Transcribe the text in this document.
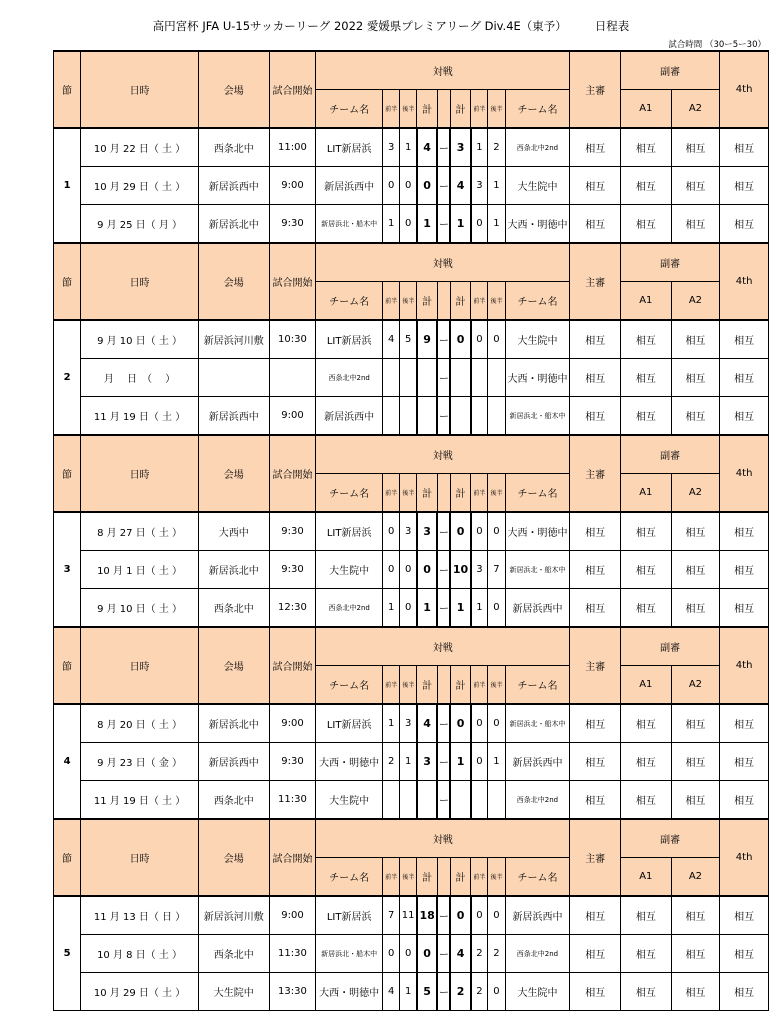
高円宮杯 JFA U-15サッカーリーグ 2022 愛媛県プレミアリーグ Div.4E（東予） 日程表
試合時間 （30ー5ー30）
節	日時	会場	試合開始	対戦									主審	副審		4th
				チーム名	前半	後半	計		計	前半	後半	チーム名		A1	A2	
1	10 月 22 日（ 土 ）	西条北中	11:00	LIT新居浜	3	1	4	ー	3	1	2	西条北中2nd	相互	相互	相互	相互
	10 月 29 日（ 土 ）	新居浜西中	9:00	新居浜西中	0	0	0	ー	4	3	1	大生院中	相互	相互	相互	相互
	9 月 25 日（ 月 ）	新居浜北中	9:30	新居浜北・船木中	1	0	1	ー	1	0	1	大西・明徳中	相互	相互	相互	相互
節	日時	会場	試合開始	対戦									主審	副審		4th
				チーム名	前半	後半	計		計	前半	後半	チーム名		A1	A2	
2	9 月 10 日（ 土 ）	新居浜河川敷	10:30	LIT新居浜	4	5	9	ー	0	0	0	大生院中	相互	相互	相互	相互
	月　 日　（　 ）			西条北中2nd				ー				大西・明徳中	相互	相互	相互	相互
	11 月 19 日（ 土 ）	新居浜西中	9:00	新居浜西中				ー				新居浜北・船木中	相互	相互	相互	相互
節	日時	会場	試合開始	対戦									主審	副審		4th
				チーム名	前半	後半	計		計	前半	後半	チーム名		A1	A2	
3	8 月 27 日（ 土 ）	大西中	9:30	LIT新居浜	0	3	3	ー	0	0	0	大西・明徳中	相互	相互	相互	相互
	10 月 1 日（ 土 ）	新居浜北中	9:30	大生院中	0	0	0	ー	10	3	7	新居浜北・船木中	相互	相互	相互	相互
	9 月 10 日（ 土 ）	西条北中	12:30	西条北中2nd	1	0	1	ー	1	1	0	新居浜西中	相互	相互	相互	相互
節	日時	会場	試合開始	対戦									主審	副審		4th
				チーム名	前半	後半	計		計	前半	後半	チーム名		A1	A2	
4	8 月 20 日（ 土 ）	新居浜北中	9:00	LIT新居浜	1	3	4	ー	0	0	0	新居浜北・船木中	相互	相互	相互	相互
	9 月 23 日（ 金 ）	新居浜西中	9:30	大西・明徳中	2	1	3	ー	1	0	1	新居浜西中	相互	相互	相互	相互
	11 月 19 日（ 土 ）	西条北中	11:30	大生院中				ー				西条北中2nd	相互	相互	相互	相互
節	日時	会場	試合開始	対戦									主審	副審		4th
				チーム名	前半	後半	計		計	前半	後半	チーム名		A1	A2	
5	11 月 13 日（ 日 ）	新居浜河川敷	9:00	LIT新居浜	7	11	18	ー	0	0	0	新居浜西中	相互	相互	相互	相互
	10 月 8 日（ 土 ）	西条北中	11:30	新居浜北・船木中	0	0	0	ー	4	2	2	西条北中2nd	相互	相互	相互	相互
	10 月 29 日（ 土 ）	大生院中	13:30	大西・明徳中	4	1	5	ー	2	2	0	大生院中	相互	相互	相互	相互
